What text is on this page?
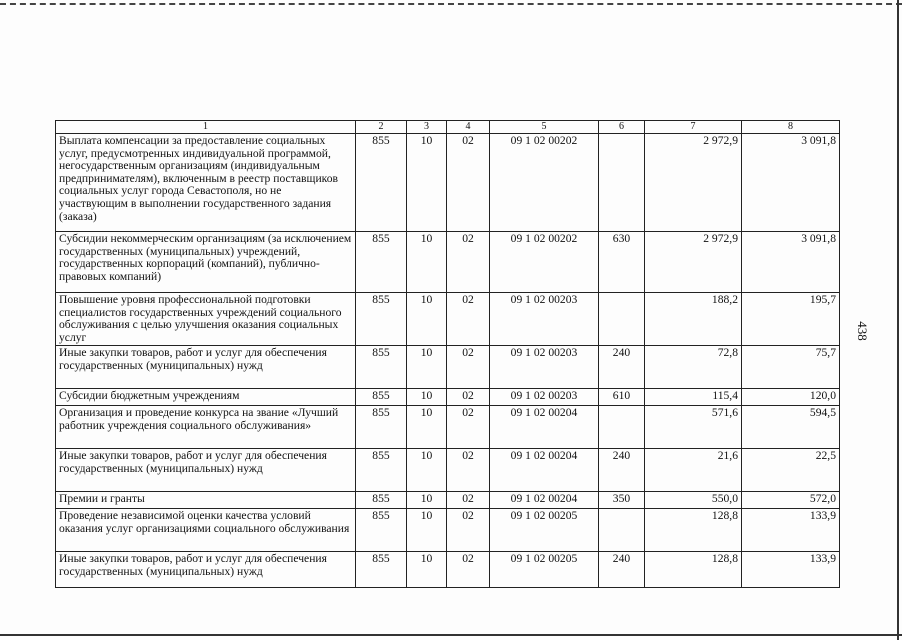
438
1	2	3	4	5	6	7	8
Выплата компенсации за предоставление социальных услуг, предусмотренных индивидуальной программой, негосударственным организациям (индивидуальным предпринимателям), включенным в реестр поставщиков социальных услуг города Севастополя, но не участвующим в выполнении государственного задания (заказа)	855	10	02	09 1 02 00202		2 972,9	3 091,8
Субсидии некоммерческим организациям (за исключением государственных (муниципальных) учреждений, государственных корпораций (компаний), публично-правовых компаний)	855	10	02	09 1 02 00202	630	2 972,9	3 091,8
Повышение уровня профессиональной подготовки специалистов государственных учреждений социального обслуживания с целью улучшения оказания социальных услуг	855	10	02	09 1 02 00203		188,2	195,7
Иные закупки товаров, работ и услуг для обеспечения государственных (муниципальных) нужд	855	10	02	09 1 02 00203	240	72,8	75,7
Субсидии бюджетным учреждениям	855	10	02	09 1 02 00203	610	115,4	120,0
Организация и проведение конкурса на звание «Лучший работник учреждения социального обслуживания»	855	10	02	09 1 02 00204		571,6	594,5
Иные закупки товаров, работ и услуг для обеспечения государственных (муниципальных) нужд	855	10	02	09 1 02 00204	240	21,6	22,5
Премии и гранты	855	10	02	09 1 02 00204	350	550,0	572,0
Проведение независимой оценки качества условий оказания услуг организациями социального обслуживания	855	10	02	09 1 02 00205		128,8	133,9
Иные закупки товаров, работ и услуг для обеспечения государственных (муниципальных) нужд	855	10	02	09 1 02 00205	240	128,8	133,9
